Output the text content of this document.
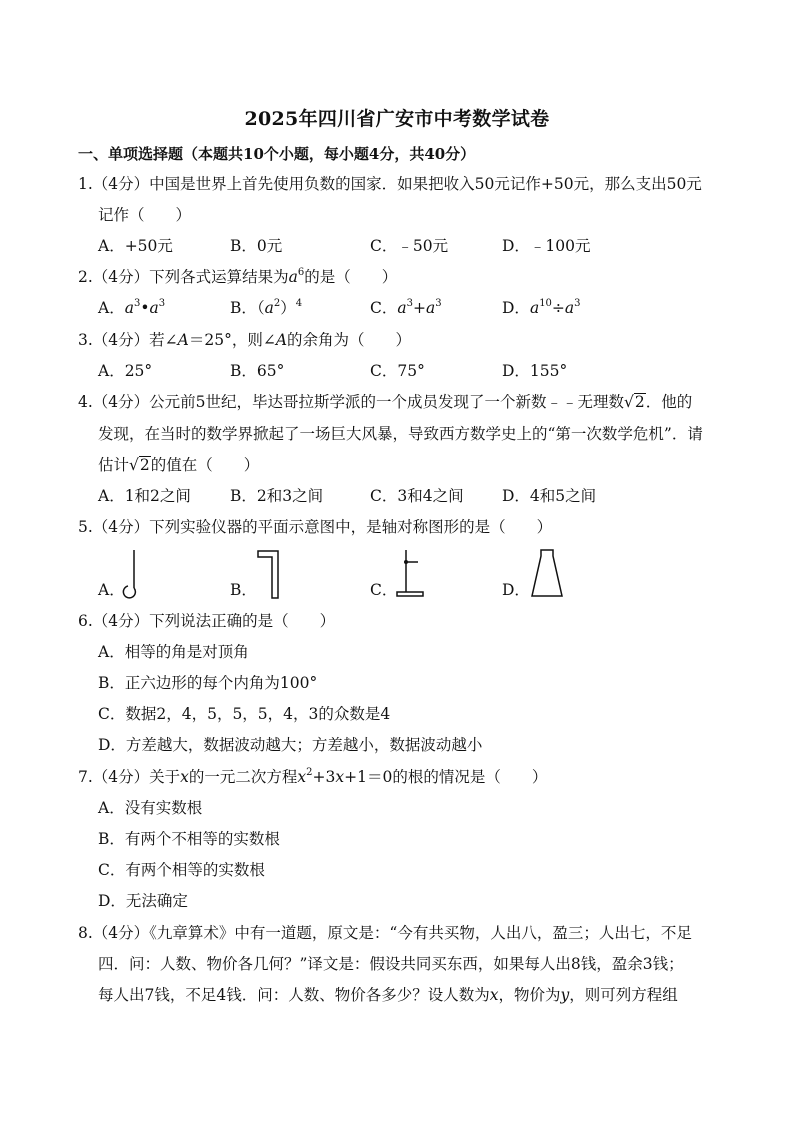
2025年四川省广安市中考数学试卷
一、单项选择题（本题共10个小题，每小题4分，共40分）
1.（4分）中国是世界上首先使用负数的国家．如果把收入50元记作+50元，那么支出50元
记作（　　）
A．+50元	B．0元	C．﹣50元	D．﹣100元
2.（4分）下列各式运算结果为$a^6$的是（　　）
A．$a^3•a^3$	B．$(a^2)^4$	C．$a^3+a^3$	D．$a^{10}\div a^3$
3.（4分）若∠A＝25°，则∠A的余角为（　　）
A．25°	B．65°	C．75°	D．155°
4.（4分）公元前5世纪，毕达哥拉斯学派的一个成员发现了一个新数﹣﹣无理数√2．他的
发现，在当时的数学界掀起了一场巨大风暴，导致西方数学史上的“第一次数学危机”．请
估计√2的值在（　　）
A．1和2之间	B．2和3之间	C．3和4之间 D．4和5之间
5.（4分）下列实验仪器的平面示意图中，是轴对称图形的是（　　）
A．	B．	C．	D．
6.（4分）下列说法正确的是（　　）
A．相等的角是对顶角
B．正六边形的每个内角为100°
C．数据2，4，5，5，5，4，3的众数是4
D．方差越大，数据波动越大；方差越小，数据波动越小
7.（4分）关于x的一元二次方程$x^2+3x+1=0$的根的情况是（　　）
A．没有实数根
B．有两个不相等的实数根
C．有两个相等的实数根
D．无法确定
8.（4分）《九章算术》中有一道题，原文是：“今有共买物，人出八，盈三；人出七，不足
四．问：人数、物价各几何？”译文是：假设共同买东西，如果每人出8钱，盈余3钱；
每人出7钱，不足4钱．问：人数、物价各多少？设人数为x，物价为y，则可列方程组
